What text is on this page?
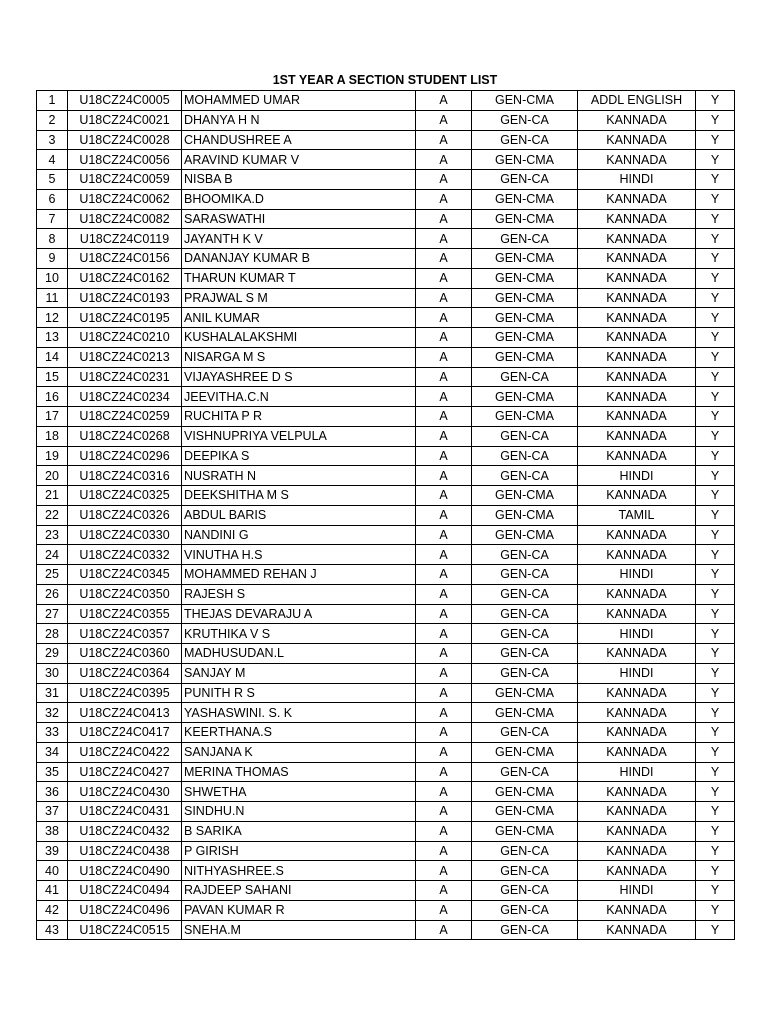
1ST YEAR A SECTION STUDENT LIST
1	U18CZ24C0005	MOHAMMED UMAR	A	GEN-CMA	ADDL ENGLISH	Y
2	U18CZ24C0021	DHANYA H N	A	GEN-CA	KANNADA	Y
3	U18CZ24C0028	CHANDUSHREE A	A	GEN-CA	KANNADA	Y
4	U18CZ24C0056	ARAVIND KUMAR V	A	GEN-CMA	KANNADA	Y
5	U18CZ24C0059	NISBA B	A	GEN-CA	HINDI	Y
6	U18CZ24C0062	BHOOMIKA.D	A	GEN-CMA	KANNADA	Y
7	U18CZ24C0082	SARASWATHI	A	GEN-CMA	KANNADA	Y
8	U18CZ24C0119	JAYANTH K V	A	GEN-CA	KANNADA	Y
9	U18CZ24C0156	DANANJAY KUMAR B	A	GEN-CMA	KANNADA	Y
10	U18CZ24C0162	THARUN KUMAR T	A	GEN-CMA	KANNADA	Y
11	U18CZ24C0193	PRAJWAL S M	A	GEN-CMA	KANNADA	Y
12	U18CZ24C0195	ANIL KUMAR	A	GEN-CMA	KANNADA	Y
13	U18CZ24C0210	KUSHALALAKSHMI	A	GEN-CMA	KANNADA	Y
14	U18CZ24C0213	NISARGA M S	A	GEN-CMA	KANNADA	Y
15	U18CZ24C0231	VIJAYASHREE D S	A	GEN-CA	KANNADA	Y
16	U18CZ24C0234	JEEVITHA.C.N	A	GEN-CMA	KANNADA	Y
17	U18CZ24C0259	RUCHITA P R	A	GEN-CMA	KANNADA	Y
18	U18CZ24C0268	VISHNUPRIYA VELPULA	A	GEN-CA	KANNADA	Y
19	U18CZ24C0296	DEEPIKA S	A	GEN-CA	KANNADA	Y
20	U18CZ24C0316	NUSRATH N	A	GEN-CA	HINDI	Y
21	U18CZ24C0325	DEEKSHITHA M S	A	GEN-CMA	KANNADA	Y
22	U18CZ24C0326	ABDUL BARIS	A	GEN-CMA	TAMIL	Y
23	U18CZ24C0330	NANDINI G	A	GEN-CMA	KANNADA	Y
24	U18CZ24C0332	VINUTHA H.S	A	GEN-CA	KANNADA	Y
25	U18CZ24C0345	MOHAMMED REHAN J	A	GEN-CA	HINDI	Y
26	U18CZ24C0350	RAJESH S	A	GEN-CA	KANNADA	Y
27	U18CZ24C0355	THEJAS DEVARAJU A	A	GEN-CA	KANNADA	Y
28	U18CZ24C0357	KRUTHIKA V S	A	GEN-CA	HINDI	Y
29	U18CZ24C0360	MADHUSUDAN.L	A	GEN-CA	KANNADA	Y
30	U18CZ24C0364	SANJAY M	A	GEN-CA	HINDI	Y
31	U18CZ24C0395	PUNITH R S	A	GEN-CMA	KANNADA	Y
32	U18CZ24C0413	YASHASWINI. S. K	A	GEN-CMA	KANNADA	Y
33	U18CZ24C0417	KEERTHANA.S	A	GEN-CA	KANNADA	Y
34	U18CZ24C0422	SANJANA K	A	GEN-CMA	KANNADA	Y
35	U18CZ24C0427	MERINA THOMAS	A	GEN-CA	HINDI	Y
36	U18CZ24C0430	SHWETHA	A	GEN-CMA	KANNADA	Y
37	U18CZ24C0431	SINDHU.N	A	GEN-CMA	KANNADA	Y
38	U18CZ24C0432	B SARIKA	A	GEN-CMA	KANNADA	Y
39	U18CZ24C0438	P GIRISH	A	GEN-CA	KANNADA	Y
40	U18CZ24C0490	NITHYASHREE.S	A	GEN-CA	KANNADA	Y
41	U18CZ24C0494	RAJDEEP SAHANI	A	GEN-CA	HINDI	Y
42	U18CZ24C0496	PAVAN KUMAR R	A	GEN-CA	KANNADA	Y
43	U18CZ24C0515	SNEHA.M	A	GEN-CA	KANNADA	Y
